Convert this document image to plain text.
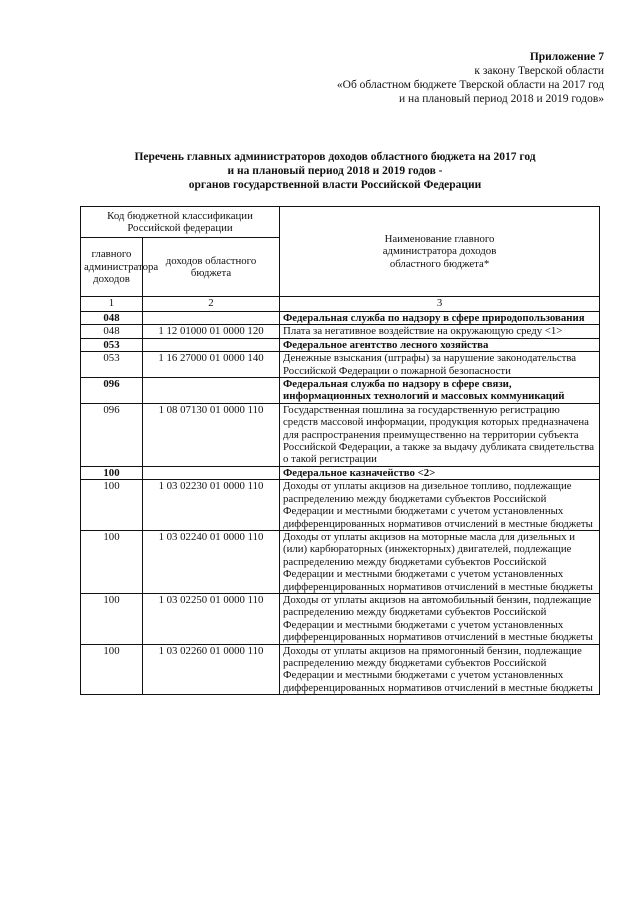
Приложение 7
к закону Тверской области
«Об областном бюджете Тверской области на 2017 год
и на плановый период 2018 и 2019 годов»
Перечень главных администраторов доходов областного бюджета на 2017 год
и на плановый период 2018 и 2019 годов -
органов государственной власти Российской Федерации
Код бюджетной классификации Российской федерации		Наименование главного администратора доходов областного бюджета*

главного администратора доходов	доходов областного бюджета	

1	2	3
048		Федеральная служба по надзору в сфере природопользования
048	1 12 01000 01 0000 120	Плата за негативное воздействие на окружающую среду <1>
053		Федеральное агентство лесного хозяйства
053	1 16 27000 01 0000 140	Денежные взыскания (штрафы) за нарушение законодательства Российской Федерации о пожарной безопасности
096		Федеральная служба по надзору в сфере связи, информационных технологий и массовых коммуникаций
096	1 08 07130 01 0000 110	Государственная пошлина за государственную регистрацию средств массовой информации, продукция которых предназначена для распространения преимущественно на территории субъекта Российской Федерации, а также за выдачу дубликата свидетельства о такой регистрации
100		Федеральное казначейство <2>
100	1 03 02230 01 0000 110	Доходы от уплаты акцизов на дизельное топливо, подлежащие распределению между бюджетами субъектов Российской Федерации и местными бюджетами с учетом установленных дифференцированных нормативов отчислений в местные бюджеты
100	1 03 02240 01 0000 110	Доходы от уплаты акцизов на моторные масла для дизельных и (или) карбюраторных (инжекторных) двигателей, подлежащие распределению между бюджетами субъектов Российской Федерации и местными бюджетами с учетом установленных дифференцированных нормативов отчислений в местные бюджеты
100	1 03 02250 01 0000 110	Доходы от уплаты акцизов на автомобильный бензин, подлежащие распределению между бюджетами субъектов Российской Федерации и местными бюджетами с учетом установленных дифференцированных нормативов отчислений в местные бюджеты
100	1 03 02260 01 0000 110	Доходы от уплаты акцизов на прямогонный бензин, подлежащие распределению между бюджетами субъектов Российской Федерации и местными бюджетами с учетом установленных дифференцированных нормативов отчислений в местные бюджеты
